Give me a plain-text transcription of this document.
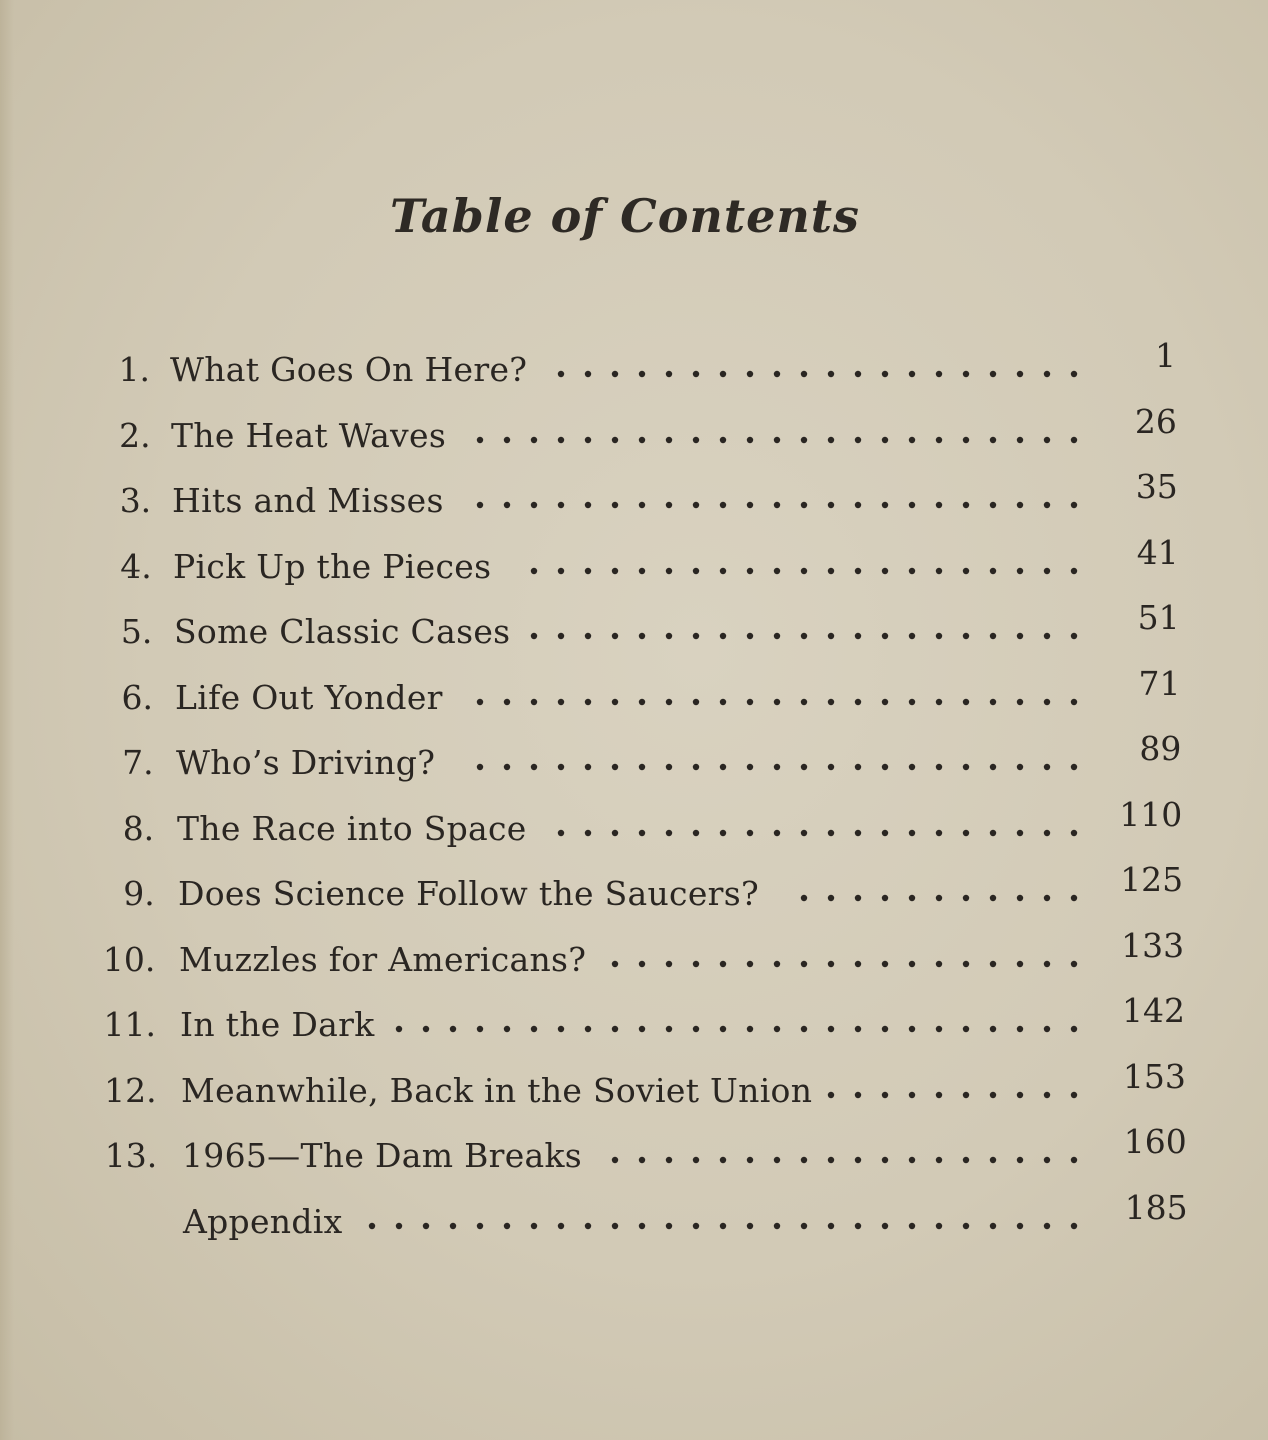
Table of Contents
1. What Goes On Here?	1
2. The Heat Waves	26
3. Hits and Misses	35
4. Pick Up the Pieces	41
5. Some Classic Cases	51
6. Life Out Yonder	71
7. Who’s Driving?	89
8. The Race into Space	110
9. Does Science Follow the Saucers?	125
10. Muzzles for Americans?	133
11. In the Dark	142
12. Meanwhile, Back in the Soviet Union	153
13. 1965—The Dam Breaks	160
Appendix	185
